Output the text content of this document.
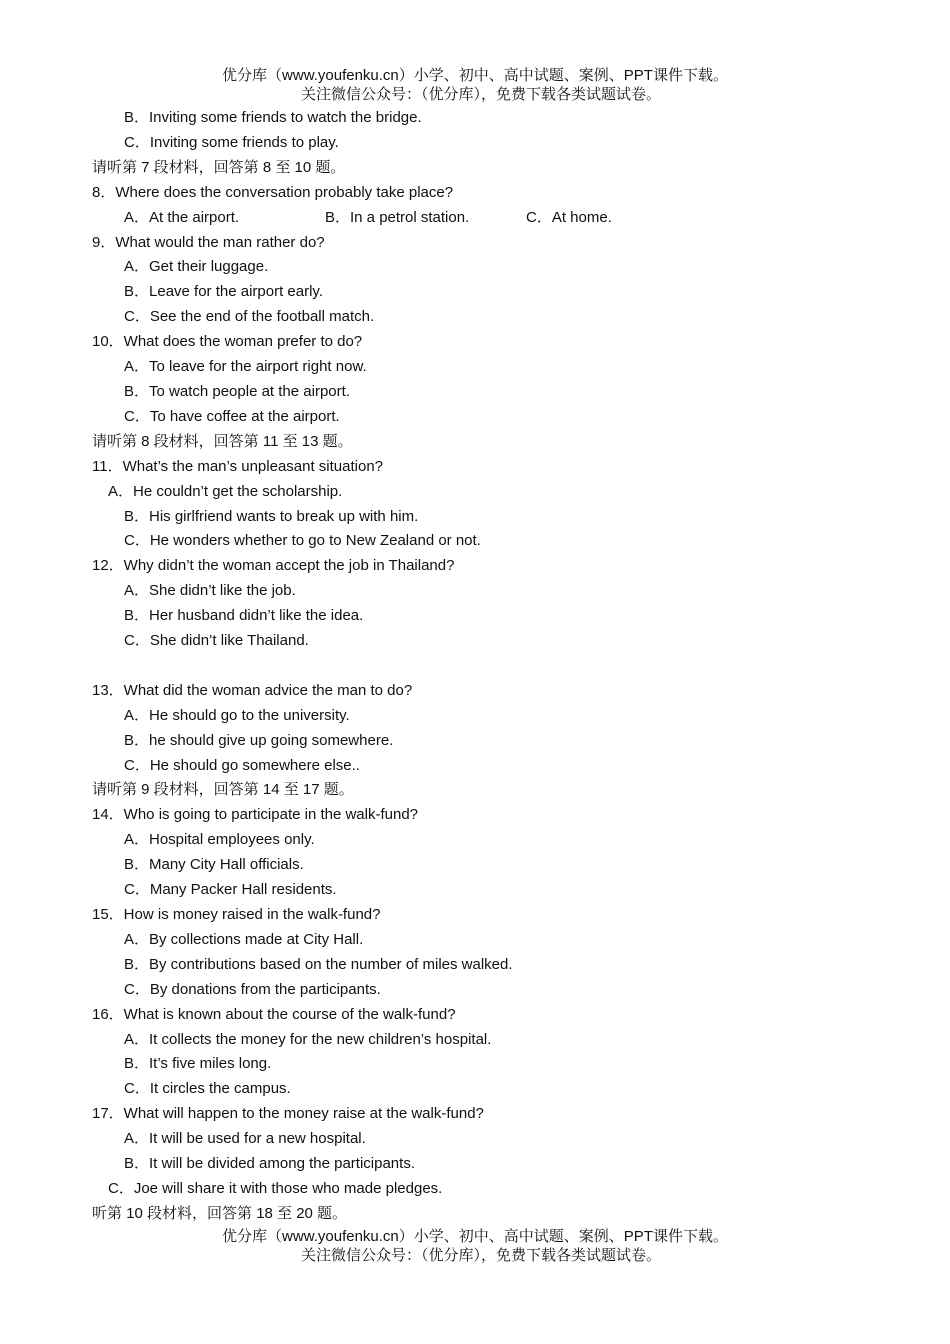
优分库（www.youfenku.cn）小学、初中、高中试题、案例、PPT课件下载。
关注微信公众号：（优分库），免费下载各类试题试卷。
B．Inviting some friends to watch the bridge.
C．Inviting some friends to play.
请听第 7 段材料，回答第 8 至 10 题。
8．Where does the conversation probably take place?
A．At the airport.	B．In a petrol station.	C．At home.
9．What would the man rather do?
A．Get their luggage.
B．Leave for the airport early.
C．See the end of the football match.
10．What does the woman prefer to do?
A．To leave for the airport right now.
B．To watch people at the airport.
C．To have coffee at the airport.
请听第 8 段材料，回答第 11 至 13 题。
11．What’s the man’s unpleasant situation?
A．He couldn’t get the scholarship.
B．His girlfriend wants to break up with him.
C．He wonders whether to go to New Zealand or not.
12．Why didn’t the woman accept the job in Thailand?
A．She didn’t like the job.
B．Her husband didn’t like the idea.
C．She didn’t like Thailand.
13．What did the woman advice the man to do?
A．He should go to the university.
B．he should give up going somewhere.
C．He should go somewhere else..
请听第 9 段材料，回答第 14 至 17 题。
14．Who is going to participate in the walk-fund?
A．Hospital employees only.
B．Many City Hall officials.
C．Many Packer Hall residents.
15．How is money raised in the walk-fund?
A．By collections made at City Hall.
B．By contributions based on the number of miles walked.
C．By donations from the participants.
16．What is known about the course of the walk-fund?
A．It collects the money for the new children’s hospital.
B．It’s five miles long.
C．It circles the campus.
17．What will happen to the money raise at the walk-fund?
A．It will be used for a new hospital.
B．It will be divided among the participants.
C．Joe will share it with those who made pledges.
听第 10 段材料，回答第 18 至 20 题。
优分库（www.youfenku.cn）小学、初中、高中试题、案例、PPT课件下载。
关注微信公众号：（优分库），免费下载各类试题试卷。
